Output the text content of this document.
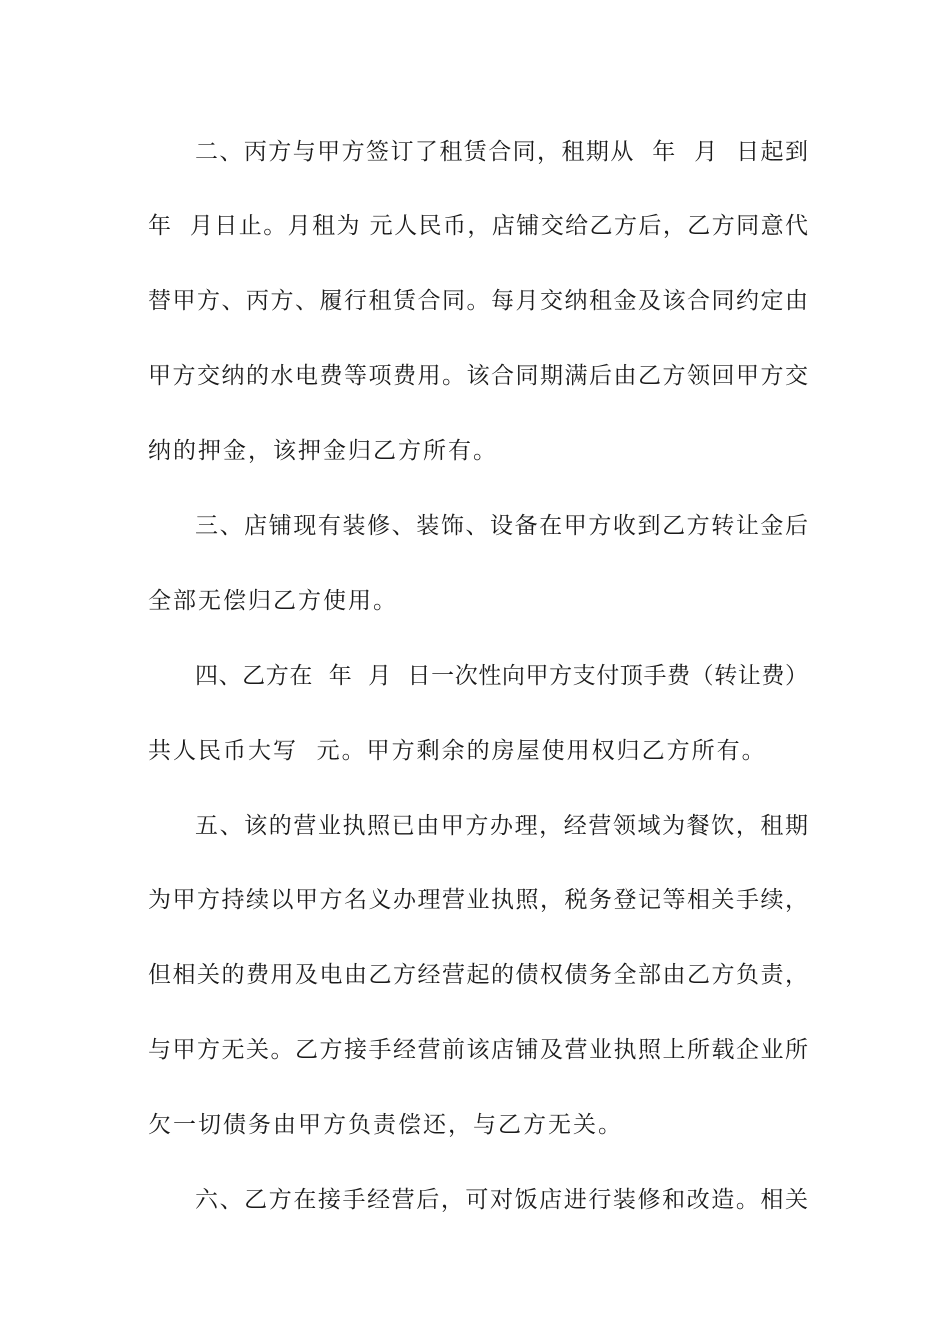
二、丙方与甲方签订了租赁合同，租期从  年  月  日起到
年  月日止。月租为 元人民币，店铺交给乙方后，乙方同意代
替甲方、丙方、履行租赁合同。每月交纳租金及该合同约定由
甲方交纳的水电费等项费用。该合同期满后由乙方领回甲方交
纳的押金，该押金归乙方所有。
三、店铺现有装修、装饰、设备在甲方收到乙方转让金后
全部无偿归乙方使用。
四、乙方在  年  月  日一次性向甲方支付顶手费（转让费）
共人民币大写  元。甲方剩余的房屋使用权归乙方所有。
五、该的营业执照已由甲方办理，经营领域为餐饮，租期
为甲方持续以甲方名义办理营业执照，税务登记等相关手续，
但相关的费用及电由乙方经营起的债权债务全部由乙方负责，
与甲方无关。乙方接手经营前该店铺及营业执照上所载企业所
欠一切债务由甲方负责偿还，与乙方无关。
六、乙方在接手经营后，可对饭店进行装修和改造。相关
